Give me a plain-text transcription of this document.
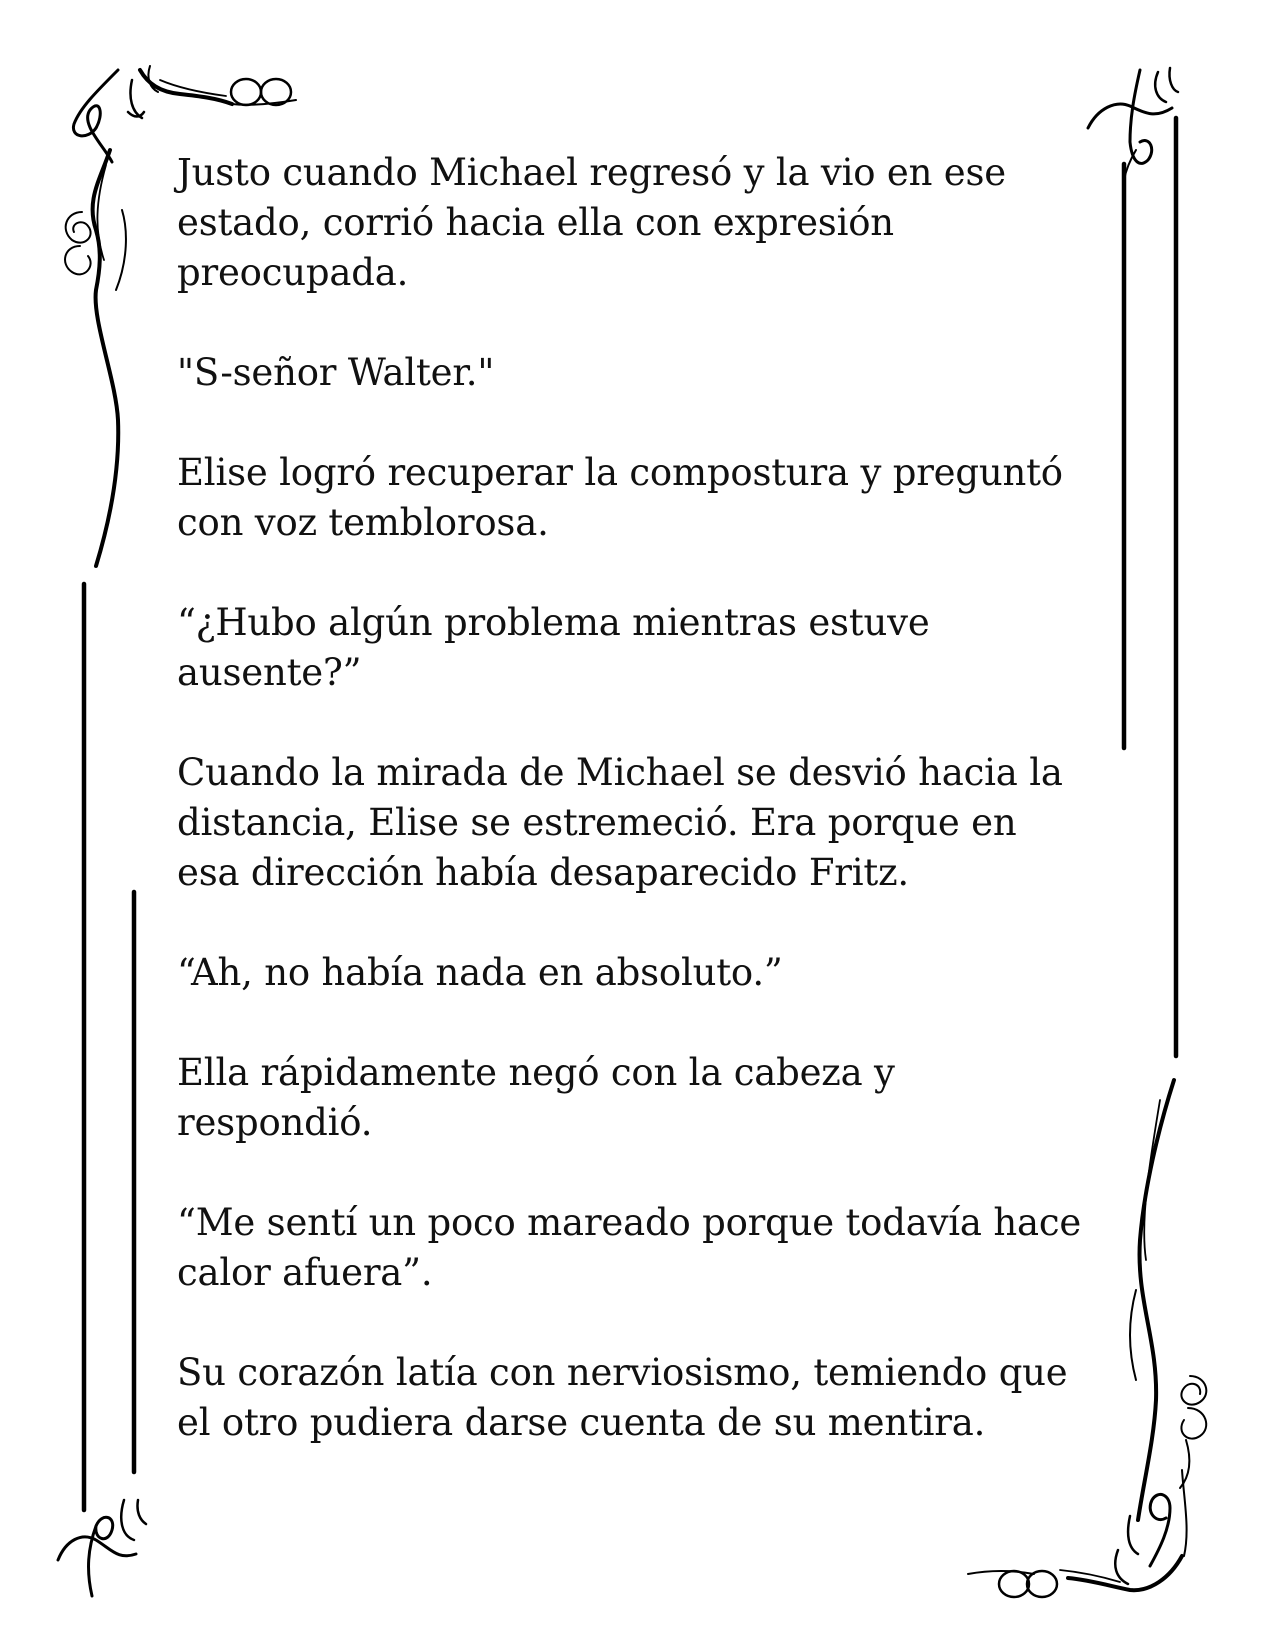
Justo cuando Michael regresó y la vio en ese
estado, corrió hacia ella con expresión
preocupada.

"S-señor Walter."

Elise logró recuperar la compostura y preguntó
con voz temblorosa.

“¿Hubo algún problema mientras estuve
ausente?”

Cuando la mirada de Michael se desvió hacia la
distancia, Elise se estremeció. Era porque en
esa dirección había desaparecido Fritz.

“Ah, no había nada en absoluto.”

Ella rápidamente negó con la cabeza y
respondió.

“Me sentí un poco mareado porque todavía hace
calor afuera”.

Su corazón latía con nerviosismo, temiendo que
el otro pudiera darse cuenta de su mentira.
